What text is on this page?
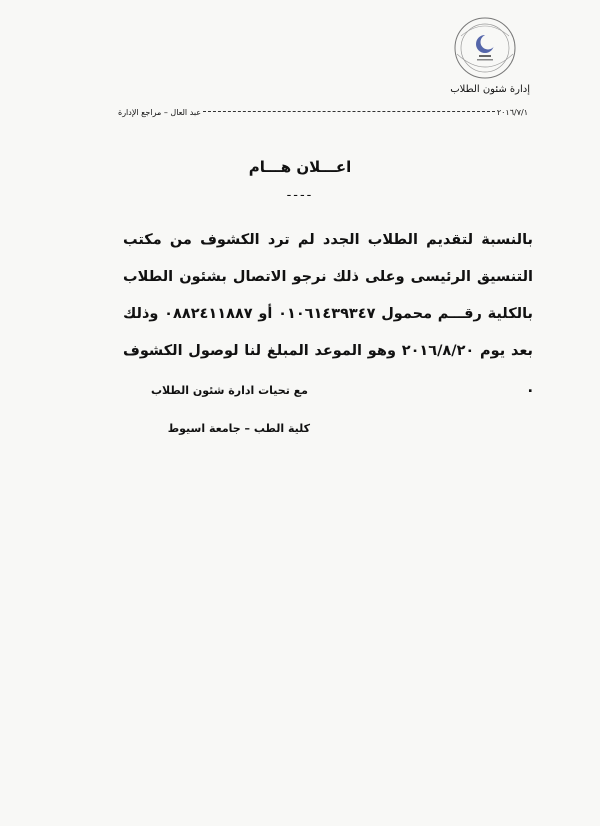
إدارة شئون الطلاب
٢٠١٦/٧/١
عبد العال – مراجع الإدارة
اعـــلان هـــام
----
بالنسبة لتقديم الطلاب الجدد لم ترد الكشوف من مكتب التنسيق الرئيسى وعلى ذلك نرجو الاتصال بشئون الطلاب بالكلية رقـــم محمول ٠١٠٦١٤٣٩٣٤٧ أو ٠٨٨٢٤١١٨٨٧ وذلك بعد يوم ٢٠١٦/٨/٢٠ وهو الموعد المبلغ لنا لوصول الكشوف .
مع تحيات ادارة شئون الطلاب
كلية الطب – جامعة اسيوط
